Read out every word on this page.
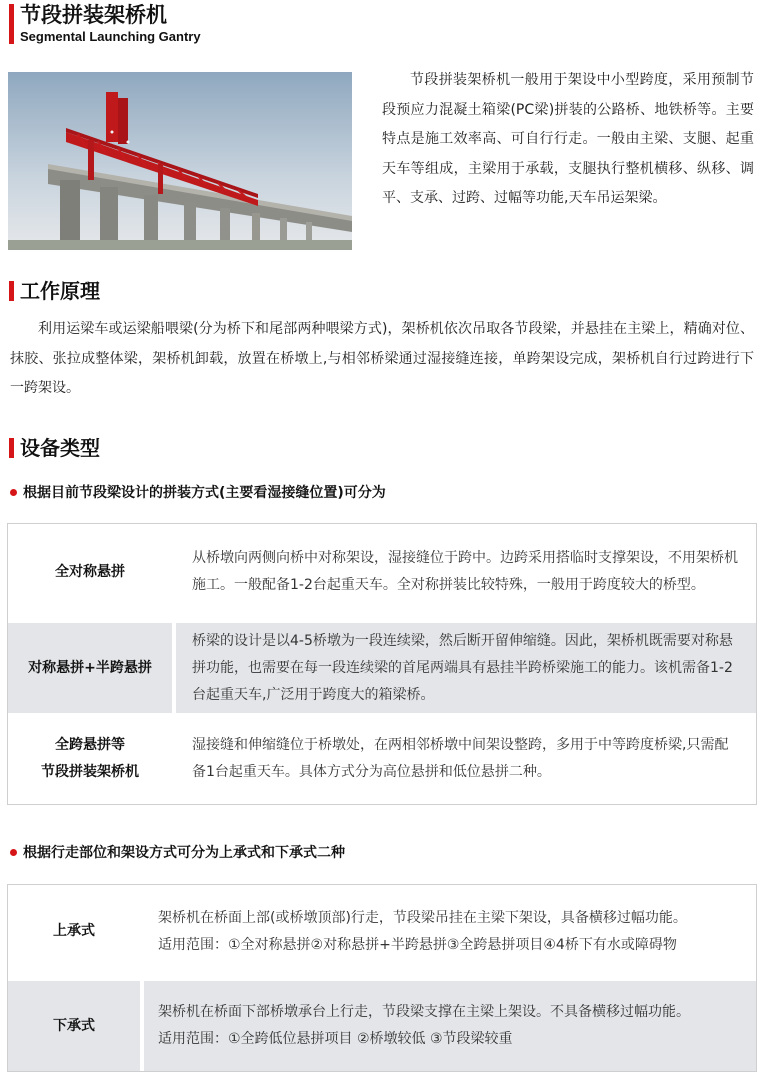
节段拼装架桥机
Segmental Launching Gantry

节段拼装架桥机一般用于架设中小型跨度，采用预制节段预应力混凝土箱梁(PC梁)拼装的公路桥、地铁桥等。主要特点是施工效率高、可自行行走。一般由主梁、支腿、起重天车等组成，主梁用于承载，支腿执行整机横移、纵移、调平、支承、过跨、过幅等功能,天车吊运架梁。

工作原理

利用运梁车或运梁船喂梁(分为桥下和尾部两种喂梁方式)，架桥机依次吊取各节段梁，并悬挂在主梁上，精确对位、抹胶、张拉成整体梁，架桥机卸载，放置在桥墩上,与相邻桥梁通过湿接缝连接，单跨架设完成，架桥机自行过跨进行下一跨架设。

设备类型
根据目前节段梁设计的拼装方式(主要看湿接缝位置)可分为
全对称悬拼
从桥墩向两侧向桥中对称架设，湿接缝位于跨中。边跨采用搭临时支撑架设，不用架桥机施工。一般配备1-2台起重天车。全对称拼装比较特殊，一般用于跨度较大的桥型。
对称悬拼+半跨悬拼
桥梁的设计是以4-5桥墩为一段连续梁，然后断开留伸缩缝。因此，架桥机既需要对称悬拼功能，也需要在每一段连续梁的首尾两端具有悬挂半跨桥梁施工的能力。该机需备1-2台起重天车,广泛用于跨度大的箱梁桥。
全跨悬拼等
节段拼装架桥机
湿接缝和伸缩缝位于桥墩处，在两相邻桥墩中间架设整跨，多用于中等跨度桥梁,只需配备1台起重天车。具体方式分为高位悬拼和低位悬拼二种。
根据行走部位和架设方式可分为上承式和下承式二种
上承式
架桥机在桥面上部(或桥墩顶部)行走，节段梁吊挂在主梁下架设，具备横移过幅功能。
适用范围：①全对称悬拼②对称悬拼+半跨悬拼③全跨悬拼项目④4桥下有水或障碍物
下承式
架桥机在桥面下部桥墩承台上行走，节段梁支撑在主梁上架设。不具备横移过幅功能。
适用范围：①全跨低位悬拼项目 ②桥墩较低 ③节段梁较重
